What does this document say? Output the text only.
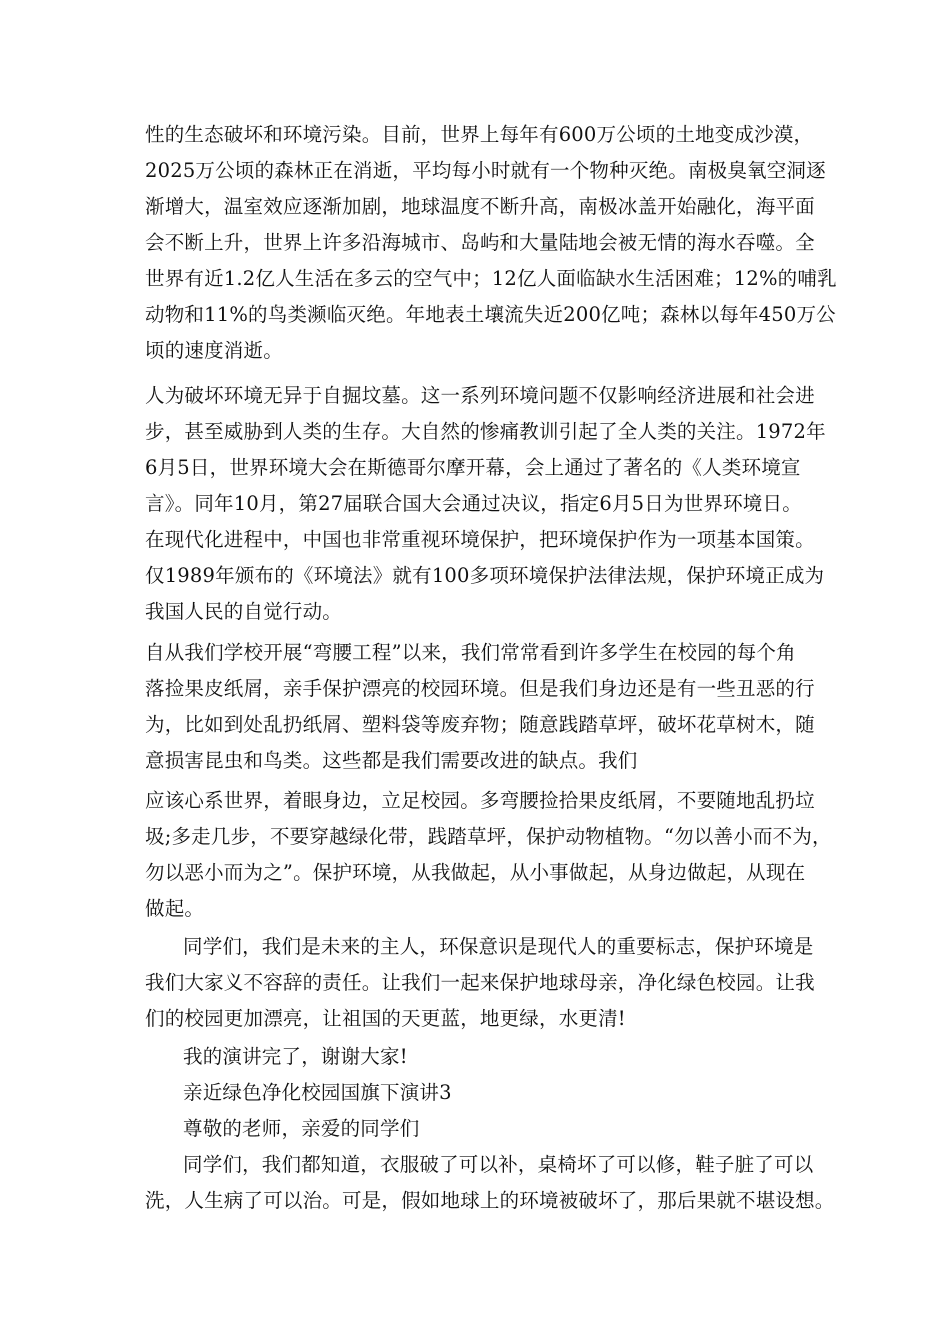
性的生态破坏和环境污染。目前，世界上每年有600万公顷的土地变成沙漠，
2025万公顷的森林正在消逝，平均每小时就有一个物种灭绝。南极臭氧空洞逐
渐增大，温室效应逐渐加剧，地球温度不断升高，南极冰盖开始融化，海平面
会不断上升，世界上许多沿海城市、岛屿和大量陆地会被无情的海水吞噬。全
世界有近1.2亿人生活在多云的空气中；12亿人面临缺水生活困难；12%的哺乳
动物和11%的鸟类濒临灭绝。年地表土壤流失近200亿吨；森林以每年450万公
顷的速度消逝。
人为破坏环境无异于自掘坟墓。这一系列环境问题不仅影响经济进展和社会进
步，甚至威胁到人类的生存。大自然的惨痛教训引起了全人类的关注。1972年
6月5日，世界环境大会在斯德哥尔摩开幕，会上通过了著名的《人类环境宣
言》。同年10月，第27届联合国大会通过决议，指定6月5日为世界环境日。
在现代化进程中，中国也非常重视环境保护，把环境保护作为一项基本国策。
仅1989年颁布的《环境法》就有100多项环境保护法律法规，保护环境正成为
我国人民的自觉行动。
自从我们学校开展“弯腰工程”以来，我们常常看到许多学生在校园的每个角
落捡果皮纸屑，亲手保护漂亮的校园环境。但是我们身边还是有一些丑恶的行
为，比如到处乱扔纸屑、塑料袋等废弃物；随意践踏草坪，破坏花草树木，随
意损害昆虫和鸟类。这些都是我们需要改进的缺点。我们
应该心系世界，着眼身边，立足校园。多弯腰捡拾果皮纸屑，不要随地乱扔垃
圾;多走几步，不要穿越绿化带，践踏草坪，保护动物植物。“勿以善小而不为，
勿以恶小而为之”。保护环境，从我做起，从小事做起，从身边做起，从现在
做起。
同学们，我们是未来的主人，环保意识是现代人的重要标志，保护环境是
我们大家义不容辞的责任。让我们一起来保护地球母亲，净化绿色校园。让我
们的校园更加漂亮，让祖国的天更蓝，地更绿，水更清!
我的演讲完了，谢谢大家!
亲近绿色净化校园国旗下演讲3
尊敬的老师，亲爱的同学们
同学们，我们都知道，衣服破了可以补，桌椅坏了可以修，鞋子脏了可以
洗，人生病了可以治。可是，假如地球上的环境被破坏了，那后果就不堪设想。
